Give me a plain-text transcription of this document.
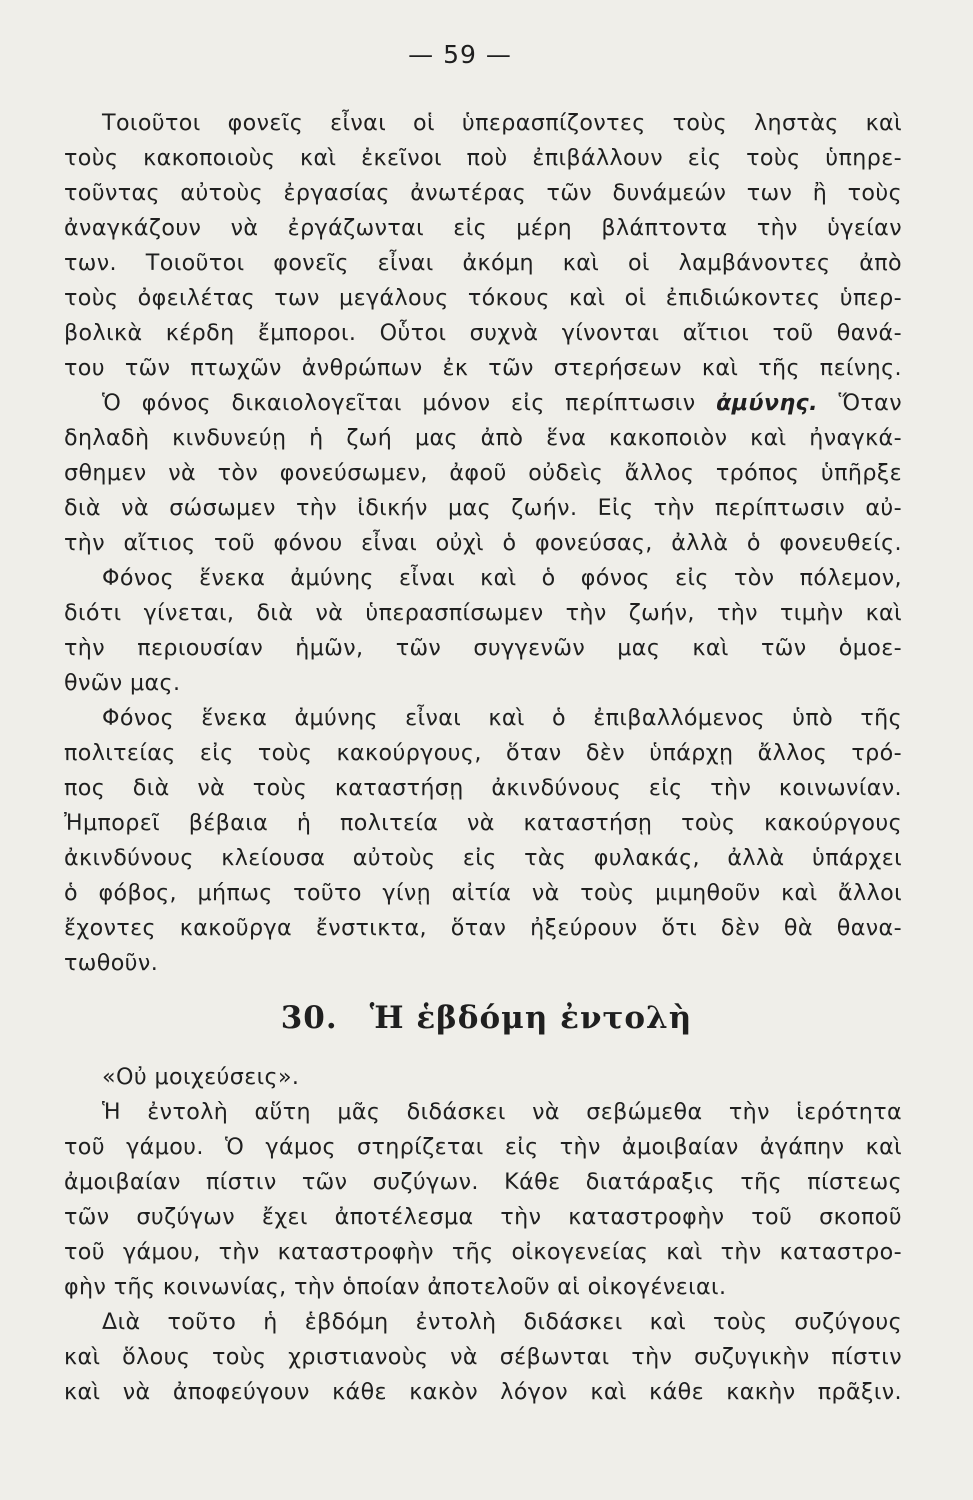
— 59 —
Τοιοῦτοι φονεῖς εἶναι οἱ ὑπερασπίζοντες τοὺς ληστὰς καὶ
τοὺς κακοποιοὺς καὶ ἐκεῖνοι ποὺ ἐπιβάλλουν εἰς τοὺς ὑπηρε-
τοῦντας αὐτοὺς ἐργασίας ἀνωτέρας τῶν δυνάμεών των ἢ τοὺς
ἀναγκάζουν νὰ ἐργάζωνται εἰς μέρη βλάπτοντα τὴν ὑγείαν
των. Τοιοῦτοι φονεῖς εἶναι ἀκόμη καὶ οἱ λαμβάνοντες ἀπὸ
τοὺς ὀφειλέτας των μεγάλους τόκους καὶ οἱ ἐπιδιώκοντες ὑπερ-
βολικὰ κέρδη ἔμποροι. Οὗτοι συχνὰ γίνονται αἴτιοι τοῦ θανά-
του τῶν πτωχῶν ἀνθρώπων ἐκ τῶν στερήσεων καὶ τῆς πείνης.
Ὁ φόνος δικαιολογεῖται μόνον εἰς περίπτωσιν ἀμύνης. Ὅταν
δηλαδὴ κινδυνεύῃ ἡ ζωή μας ἀπὸ ἕνα κακοποιὸν καὶ ἠναγκά-
σθημεν νὰ τὸν φονεύσωμεν, ἀφοῦ οὐδεὶς ἄλλος τρόπος ὑπῆρξε
διὰ νὰ σώσωμεν τὴν ἰδικήν μας ζωήν. Εἰς τὴν περίπτωσιν αὐ-
τὴν αἴτιος τοῦ φόνου εἶναι οὐχὶ ὁ φονεύσας, ἀλλὰ ὁ φονευθείς.
Φόνος ἕνεκα ἀμύνης εἶναι καὶ ὁ φόνος εἰς τὸν πόλεμον,
διότι γίνεται, διὰ νὰ ὑπερασπίσωμεν τὴν ζωήν, τὴν τιμὴν καὶ
τὴν περιουσίαν ἡμῶν, τῶν συγγενῶν μας καὶ τῶν ὁμοε-
θνῶν μας.
Φόνος ἕνεκα ἀμύνης εἶναι καὶ ὁ ἐπιβαλλόμενος ὑπὸ τῆς
πολιτείας εἰς τοὺς κακούργους, ὅταν δὲν ὑπάρχῃ ἄλλος τρό-
πος διὰ νὰ τοὺς καταστήσῃ ἀκινδύνους εἰς τὴν κοινωνίαν.
Ἠμπορεῖ βέβαια ἡ πολιτεία νὰ καταστήσῃ τοὺς κακούργους
ἀκινδύνους κλείουσα αὐτοὺς εἰς τὰς φυλακάς, ἀλλὰ ὑπάρχει
ὁ φόβος, μήπως τοῦτο γίνῃ αἰτία νὰ τοὺς μιμηθοῦν καὶ ἄλλοι
ἔχοντες κακοῦργα ἔνστικτα, ὅταν ἠξεύρουν ὅτι δὲν θὰ θανα-
τωθοῦν.
30. Ἡ ἑβδόμη ἐντολὴ
«Οὐ μοιχεύσεις».
Ἡ ἐντολὴ αὕτη μᾶς διδάσκει νὰ σεβώμεθα τὴν ἱερότητα
τοῦ γάμου. Ὁ γάμος στηρίζεται εἰς τὴν ἀμοιβαίαν ἀγάπην καὶ
ἀμοιβαίαν πίστιν τῶν συζύγων. Κάθε διατάραξις τῆς πίστεως
τῶν συζύγων ἔχει ἀποτέλεσμα τὴν καταστροφὴν τοῦ σκοποῦ
τοῦ γάμου, τὴν καταστροφὴν τῆς οἰκογενείας καὶ τὴν καταστρο-
φὴν τῆς κοινωνίας, τὴν ὁποίαν ἀποτελοῦν αἱ οἰκογένειαι.
Διὰ τοῦτο ἡ ἑβδόμη ἐντολὴ διδάσκει καὶ τοὺς συζύγους
καὶ ὅλους τοὺς χριστιανοὺς νὰ σέβωνται τὴν συζυγικὴν πίστιν
καὶ νὰ ἀποφεύγουν κάθε κακὸν λόγον καὶ κάθε κακὴν πρᾶξιν.
